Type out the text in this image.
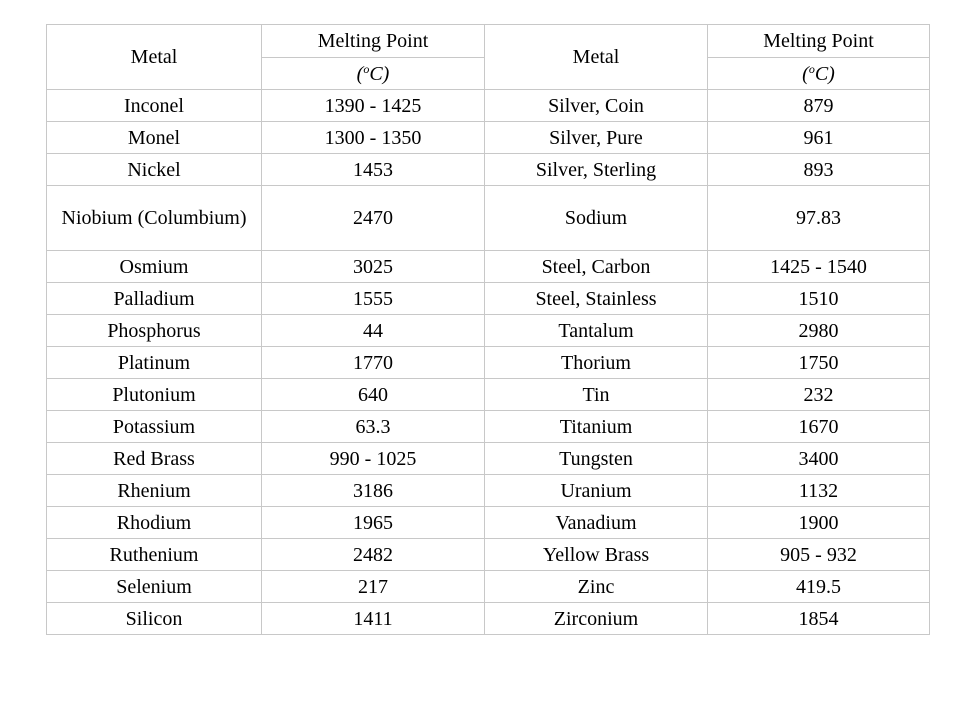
Metal	Melting Point	Metal	Melting Point
	($^o$C)		($^o$C)
Inconel	1390 - 1425	Silver, Coin	879
Monel	1300 - 1350	Silver, Pure	961
Nickel	1453	Silver, Sterling	893
Niobium (Columbium)	2470	Sodium	97.83
Osmium	3025	Steel, Carbon	1425 - 1540
Palladium	1555	Steel, Stainless	1510
Phosphorus	44	Tantalum	2980
Platinum	1770	Thorium	1750
Plutonium	640	Tin	232
Potassium	63.3	Titanium	1670
Red Brass	990 - 1025	Tungsten	3400
Rhenium	3186	Uranium	1132
Rhodium	1965	Vanadium	1900
Ruthenium	2482	Yellow Brass	905 - 932
Selenium	217	Zinc	419.5
Silicon	1411	Zirconium	1854
